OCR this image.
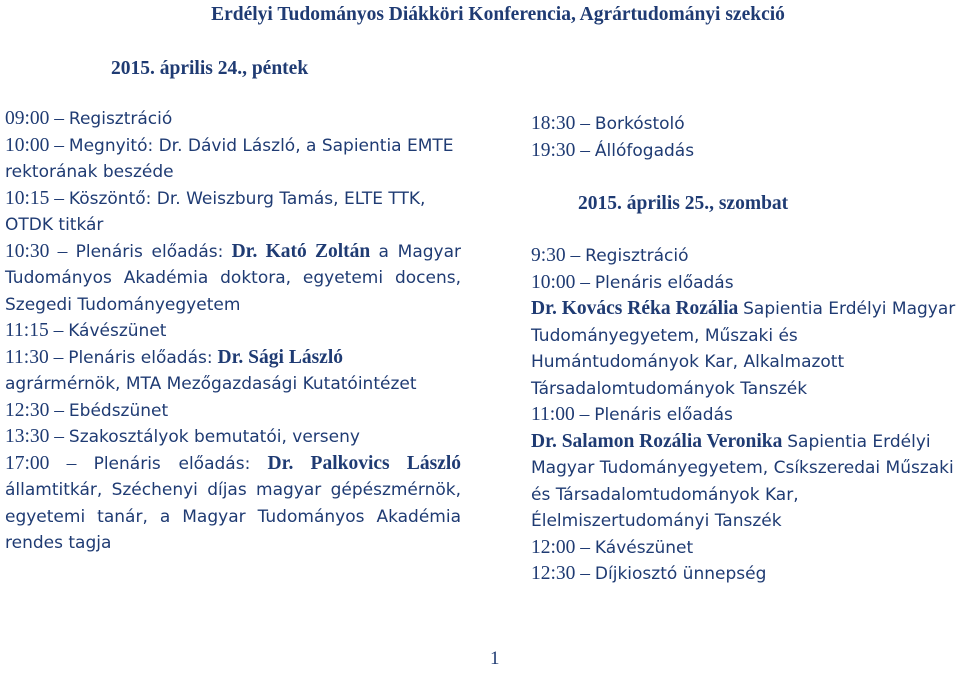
Erdélyi Tudományos Diákköri Konferencia, Agrártudományi szekció
2015. április 24., péntek
09:00 – Regisztráció
10:00 – Megnyitó: Dr. Dávid László, a Sapientia EMTE rektorának beszéde
10:15 – Köszöntő: Dr. Weiszburg Tamás, ELTE TTK, OTDK titkár
10:30 – Plenáris előadás: Dr. Kató Zoltán a Magyar Tudományos Akadémia doktora, egyetemi docens, Szegedi Tudományegyetem
11:15 – Kávészünet
11:30 – Plenáris előadás: Dr. Sági László agrármérnök, MTA Mezőgazdasági Kutatóintézet
12:30 – Ebédszünet
13:30 – Szakosztályok bemutatói, verseny
17:00 – Plenáris előadás: Dr. Palkovics László államtitkár, Széchenyi díjas magyar gépészmérnök, egyetemi tanár, a Magyar Tudományos Akadémia rendes tagja
18:30 – Borkóstoló
19:30 – Állófogadás
2015. április 25., szombat
9:30 – Regisztráció
10:00 – Plenáris előadás
Dr. Kovács Réka Rozália Sapientia Erdélyi Magyar Tudományegyetem, Műszaki és Humántudományok Kar, Alkalmazott Társadalomtudományok Tanszék
11:00 – Plenáris előadás
Dr. Salamon Rozália Veronika Sapientia Erdélyi Magyar Tudományegyetem, Csíkszeredai Műszaki és Társadalomtudományok Kar, Élelmiszertudományi Tanszék
12:00 – Kávészünet
12:30 – Díjkiosztó ünnepség
1
